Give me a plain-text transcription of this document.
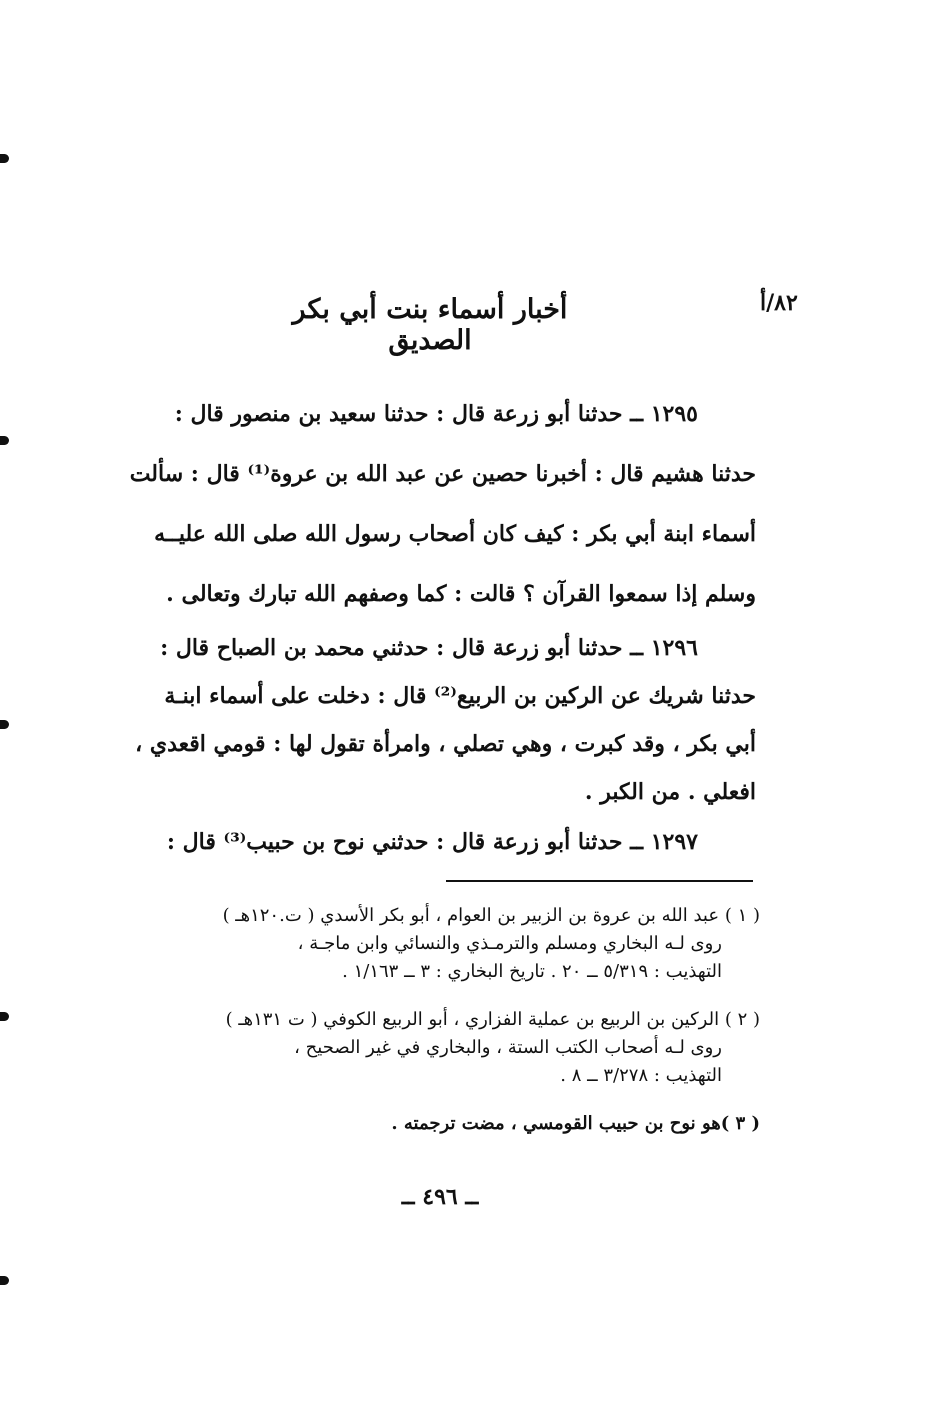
٨٢/أ
أخبار أسماء بنت أبي بكر الصديق

١٢٩٥ ــ حدثنا أبو زرعة قال : حدثنا سعيد بن منصور قال :
حدثنا هشيم قال : أخبرنا حصين عن عبد الله بن عروة⁽¹⁾ قال : سألت
أسماء ابنة أبي بكر : كيف كان أصحاب رسول الله صلى الله عليــه
وسلم إذا سمعوا القرآن ؟ قالت : كما وصفهم الله تبارك وتعالى .

١٢٩٦ ــ حدثنا أبو زرعة قال : حدثني محمد بن الصباح قال :
حدثنا شريك عن الركين بن الربيع⁽²⁾ قال : دخلت على أسماء ابنـة
أبي بكر ، وقد كبرت ، وهي تصلي ، وامرأة تقول لها : قومي اقعدي ،
افعلي . من الكبر .

١٢٩٧ ــ حدثنا أبو زرعة قال : حدثني نوح بن حبيب⁽³⁾ قال :

( ١ ) عبد الله بن عروة بن الزبير بن العوام ، أبو بكر الأسدي ( ت.١٢٠هـ )
روى لـه البخاري ومسلم والترمـذي والنسائي وابن ماجـة ،
التهذيب : ٥/٣١٩ ــ ٢٠ . تاريخ البخاري : ٣ ــ ١/١٦٣ .
( ٢ ) الركين بن الربيع بن عملية الفزاري ، أبو الربيع الكوفي ( ت ١٣١هـ )
روى لـه أصحاب الكتب الستة ، والبخاري في غير الصحيح ،
التهذيب : ٣/٢٧٨ ــ ٨ .
( ٣ )هو نوح بن حبيب القومسي ، مضت ترجمته .
ــ ٤٩٦ ــ
